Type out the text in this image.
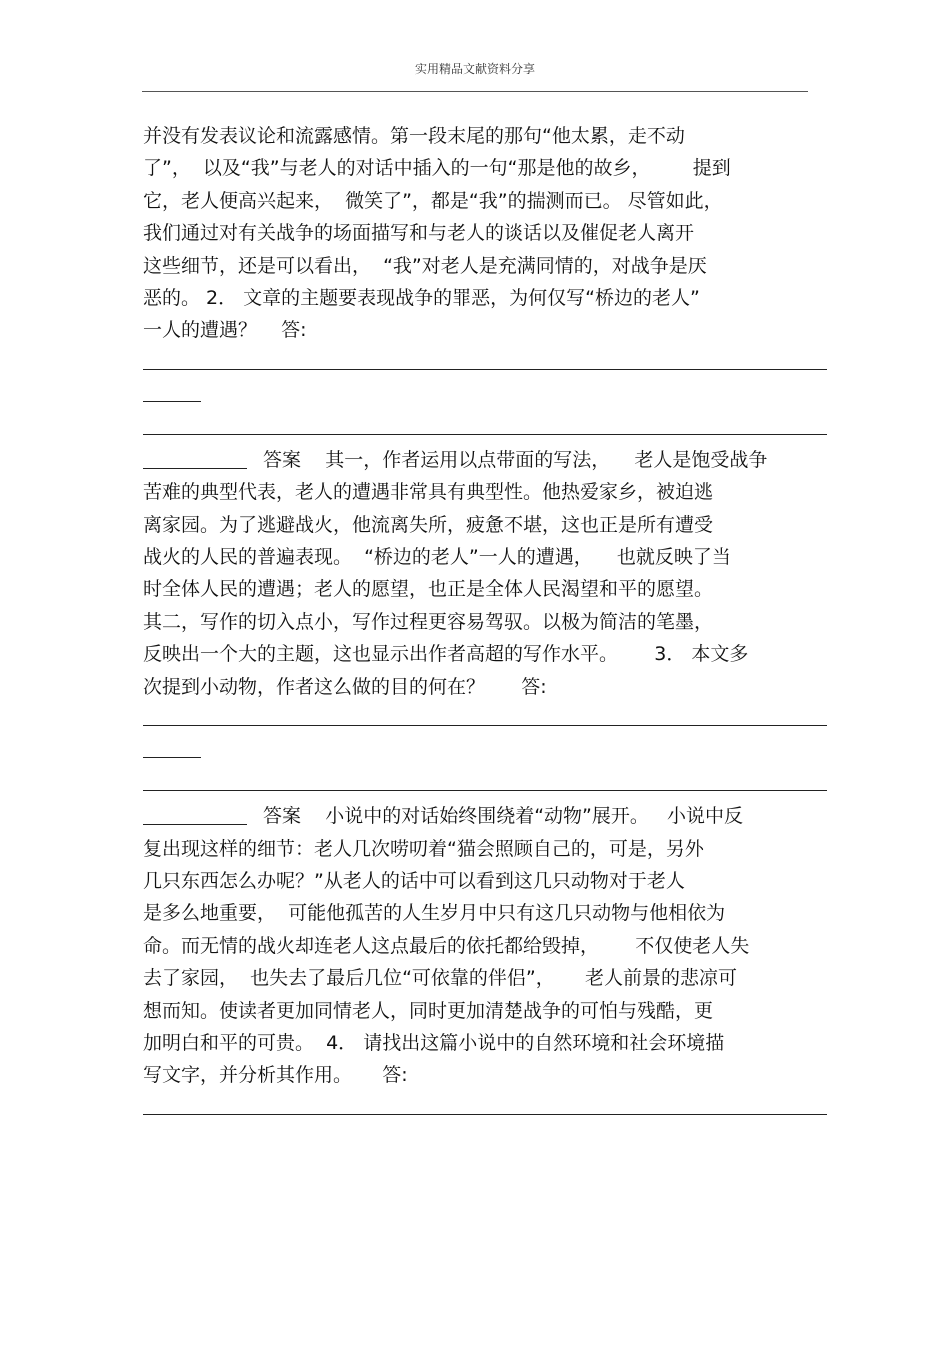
实用精品文献资料分享
并没有发表议论和流露感情。第一段末尾的那句“他太累，走不动
了”，  以及“我”与老人的对话中插入的一句“那是他的故乡，       提到
它，老人便高兴起来，  微笑了”，都是“我”的揣测而已。 尽管如此，
我们通过对有关战争的场面描写和与老人的谈话以及催促老人离开
这些细节，还是可以看出，  “我”对老人是充满同情的，对战争是厌
恶的。 2． 文章的主题要表现战争的罪恶，为何仅写“桥边的老人”
一人的遭遇？    答:
答案    其一，作者运用以点带面的写法，    老人是饱受战争
苦难的典型代表，老人的遭遇非常具有典型性。他热爱家乡，被迫逃
离家园。为了逃避战火，他流离失所，疲惫不堪，这也正是所有遭受
战火的人民的普遍表现。  “桥边的老人”一人的遭遇，    也就反映了当
时全体人民的遭遇；老人的愿望，也正是全体人民渴望和平的愿望。
其二，写作的切入点小，写作过程更容易驾驭。以极为简洁的笔墨，
反映出一个大的主题，这也显示出作者高超的写作水平。      3． 本文多
次提到小动物，作者这么做的目的何在？      答:
答案    小说中的对话始终围绕着“动物”展开。   小说中反
复出现这样的细节：老人几次唠叨着“猫会照顾自己的，可是，另外
几只东西怎么办呢？”从老人的话中可以看到这几只动物对于老人
是多么地重要，  可能他孤苦的人生岁月中只有这几只动物与他相依为
命。而无情的战火却连老人这点最后的依托都给毁掉，      不仅使老人失
去了家园，  也失去了最后几位“可依靠的伴侣”，     老人前景的悲凉可
想而知。使读者更加同情老人，同时更加清楚战争的可怕与残酷，更
加明白和平的可贵。  4． 请找出这篇小说中的自然环境和社会环境描
写文字，并分析其作用。     答:
